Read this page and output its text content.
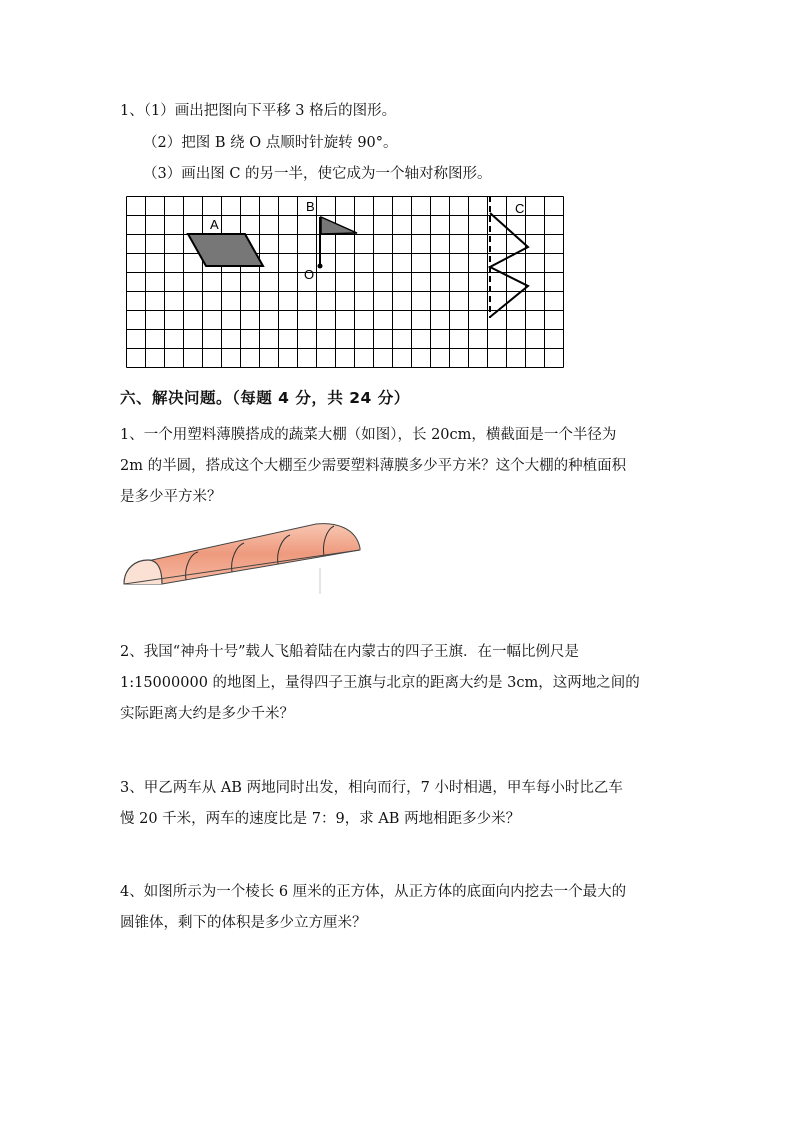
1、（1）画出把图向下平移 3 格后的图形。
（2）把图 B 绕 O 点顺时针旋转 90°。
（3）画出图 C 的另一半，使它成为一个轴对称图形。
A
B
O
C
六、解决问题。（每题 4 分，共 24 分）
1、一个用塑料薄膜搭成的蔬菜大棚（如图），长 20cm，横截面是一个半径为
2m 的半圆，搭成这个大棚至少需要塑料薄膜多少平方米？这个大棚的种植面积
是多少平方米？
2、我国“神舟十号”载人飞船着陆在内蒙古的四子王旗．在一幅比例尺是
1:15000000 的地图上，量得四子王旗与北京的距离大约是 3cm，这两地之间的
实际距离大约是多少千米？
3、甲乙两车从 AB 两地同时出发，相向而行，7 小时相遇，甲车每小时比乙车
慢 20 千米，两车的速度比是 7：9，求 AB 两地相距多少米？
4、如图所示为一个棱长 6 厘米的正方体，从正方体的底面向内挖去一个最大的
圆锥体，剩下的体积是多少立方厘米？
